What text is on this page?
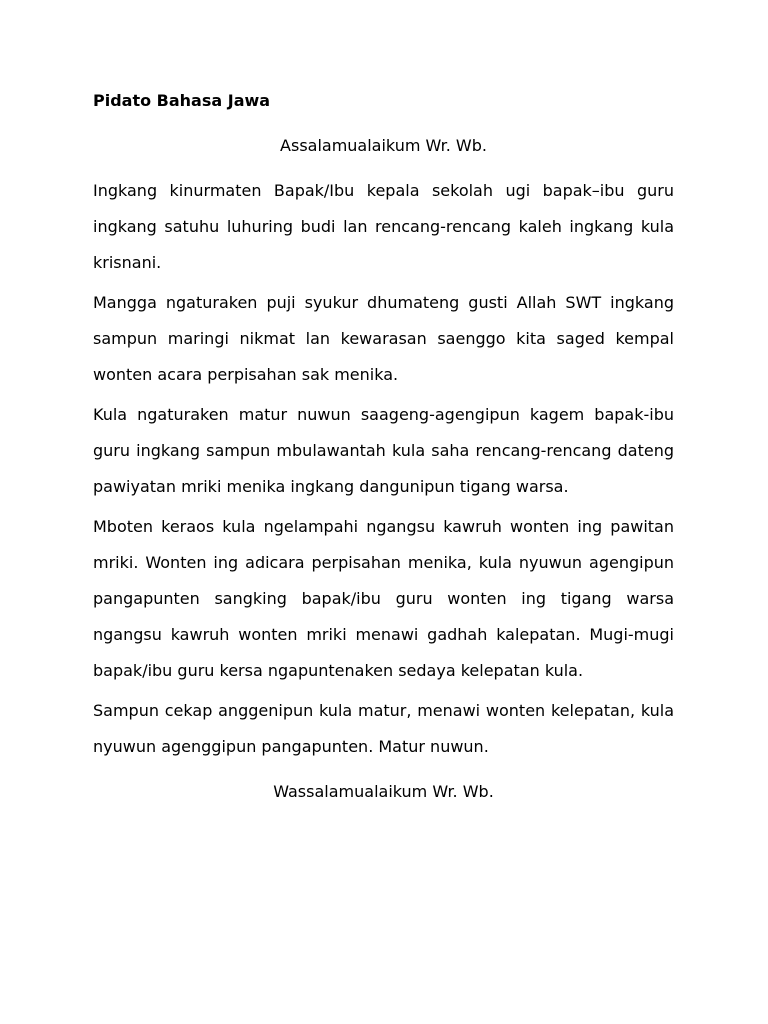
Pidato Bahasa Jawa

Assalamualaikum Wr. Wb.

Ingkang kinurmaten Bapak/Ibu kepala sekolah ugi bapak–ibu guru ingkang satuhu luhuring budi lan rencang-rencang kaleh ingkang kula krisnani.

Mangga ngaturaken puji syukur dhumateng gusti Allah SWT ingkang sampun maringi nikmat lan kewarasan saenggo kita saged kempal wonten acara perpisahan sak menika.

Kula ngaturaken matur nuwun saageng-agengipun kagem bapak-ibu guru ingkang sampun mbulawantah kula saha rencang-rencang dateng pawiyatan mriki menika ingkang dangunipun tigang warsa.

Mboten keraos kula ngelampahi ngangsu kawruh wonten ing pawitan mriki. Wonten ing adicara perpisahan menika, kula nyuwun agengipun pangapunten sangking bapak/ibu guru wonten ing tigang warsa ngangsu kawruh wonten mriki menawi gadhah kalepatan. Mugi-mugi bapak/ibu guru kersa ngapuntenaken sedaya kelepatan kula.

Sampun cekap anggenipun kula matur, menawi wonten kelepatan, kula nyuwun agenggipun pangapunten. Matur nuwun.

Wassalamualaikum Wr. Wb.
